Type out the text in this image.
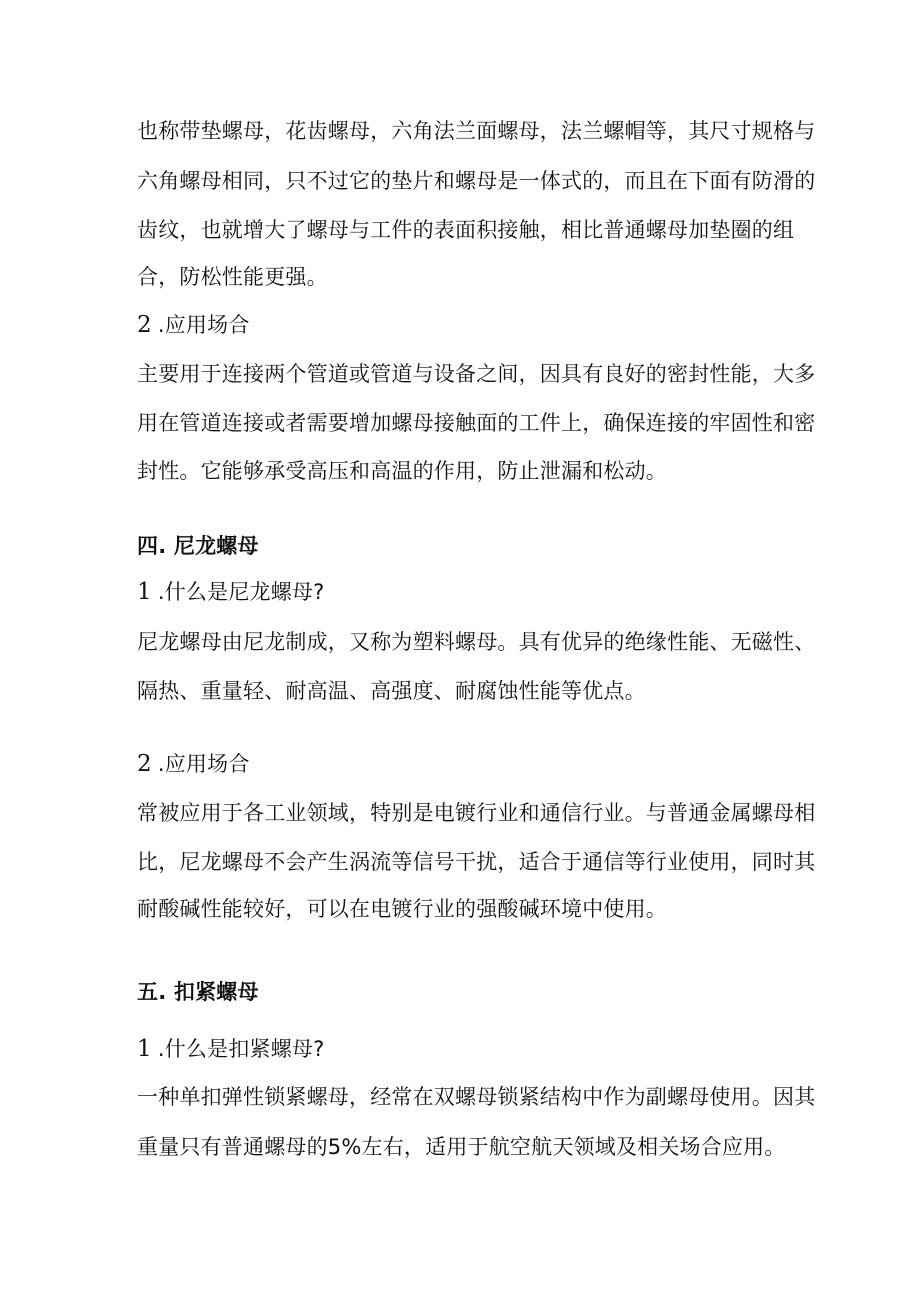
也称带垫螺母，花齿螺母，六角法兰面螺母，法兰螺帽等，其尺寸规格与
六角螺母相同，只不过它的垫片和螺母是一体式的，而且在下面有防滑的
齿纹，也就增大了螺母与工件的表面积接触，相比普通螺母加垫圈的组
合，防松性能更强。
2 .应用场合
主要用于连接两个管道或管道与设备之间，因具有良好的密封性能，大多
用在管道连接或者需要增加螺母接触面的工件上，确保连接的牢固性和密
封性。它能够承受高压和高温的作用，防止泄漏和松动。
四. 尼龙螺母
1 .什么是尼龙螺母?
尼龙螺母由尼龙制成，又称为塑料螺母。具有优异的绝缘性能、无磁性、
隔热、重量轻、耐高温、高强度、耐腐蚀性能等优点。
2 .应用场合
常被应用于各工业领域，特别是电镀行业和通信行业。与普通金属螺母相
比，尼龙螺母不会产生涡流等信号干扰，适合于通信等行业使用，同时其
耐酸碱性能较好，可以在电镀行业的强酸碱环境中使用。
五. 扣紧螺母
1 .什么是扣紧螺母?
一种单扣弹性锁紧螺母，经常在双螺母锁紧结构中作为副螺母使用。因其
重量只有普通螺母的5%左右，适用于航空航天领域及相关场合应用。
